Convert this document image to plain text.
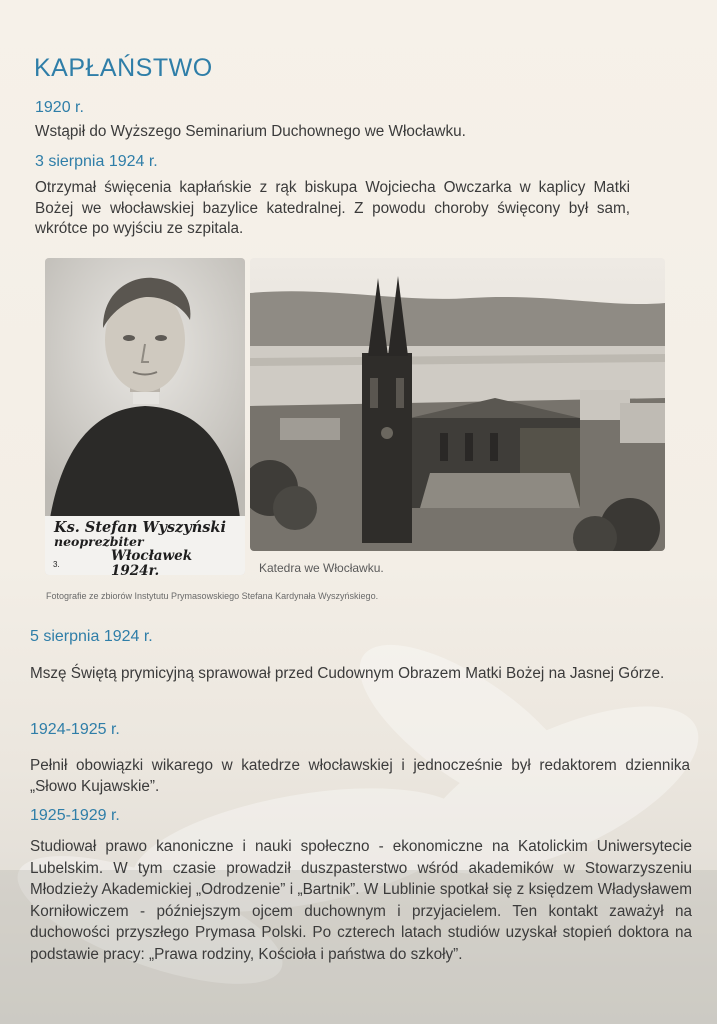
KAPŁAŃSTWO
1920 r.
Wstąpił do Wyższego Seminarium Duchownego we Włocławku.
3 sierpnia 1924 r.
Otrzymał święcenia kapłańskie z rąk biskupa Wojciecha Owczarka w kaplicy Matki Bożej we włocławskiej bazylice katedralnej. Z powodu choroby święcony był sam, wkrótce po wyjściu ze szpitala.
Ks. Stefan Wyszyński
neoprezbiter
Włocławek 1924r.
3.	Katedra we Włocławku.
Fotografie ze zbiorów Instytutu Prymasowskiego Stefana Kardynała Wyszyńskiego.
5 sierpnia 1924 r.
Mszę Świętą prymicyjną sprawował przed Cudownym Obrazem Matki Bożej na Jasnej Górze.
1924-1925 r.
Pełnił obowiązki wikarego w katedrze włocławskiej i jednocześnie był redaktorem dziennika „Słowo Kujawskie”.
1925-1929 r.
Studiował prawo kanoniczne i nauki społeczno - ekonomiczne na Katolickim Uniwersytecie Lubelskim. W tym czasie prowadził duszpasterstwo wśród akademików w Stowarzyszeniu Młodzieży Akademickiej „Odrodzenie” i „Bartnik”. W Lublinie spotkał się z księdzem Władysławem Korniłowiczem - późniejszym ojcem duchownym i przyjacielem. Ten kontakt zaważył na duchowości przyszłego Prymasa Polski. Po czterech latach studiów uzyskał stopień doktora na podstawie pracy: „Prawa rodziny, Kościoła i państwa do szkoły”.
